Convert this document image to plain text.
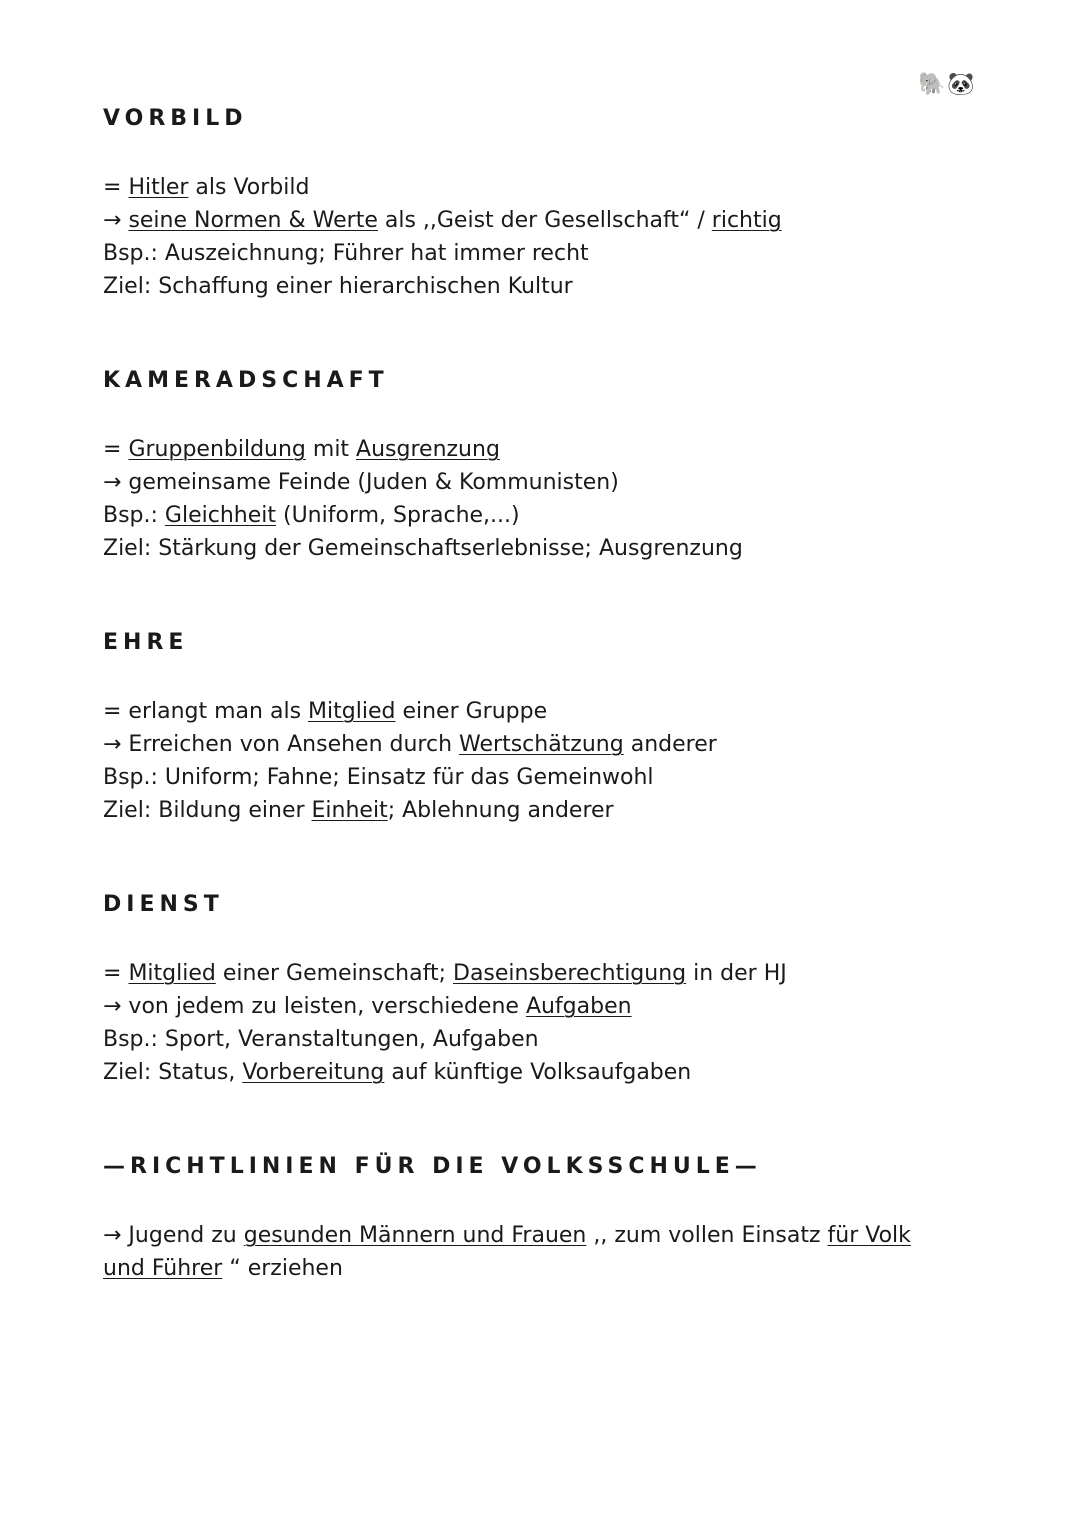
🐘 🐼
VORBILD
= Hitler als Vorbild
→ seine Normen & Werte als ,,Geist der Gesellschaft“ / richtig
Bsp.: Auszeichnung; Führer hat immer recht
Ziel: Schaffung einer hierarchischen Kultur
KAMERADSCHAFT
= Gruppenbildung mit Ausgrenzung
→ gemeinsame Feinde (Juden & Kommunisten)
Bsp.: Gleichheit (Uniform, Sprache,...)
Ziel: Stärkung der Gemeinschaftserlebnisse; Ausgrenzung
EHRE
= erlangt man als Mitglied einer Gruppe
→ Erreichen von Ansehen durch Wertschätzung anderer
Bsp.: Uniform; Fahne; Einsatz für das Gemeinwohl
Ziel: Bildung einer Einheit; Ablehnung anderer
DIENST
= Mitglied einer Gemeinschaft; Daseinsberechtigung in der HJ
→ von jedem zu leisten, verschiedene Aufgaben
Bsp.: Sport, Veranstaltungen, Aufgaben
Ziel: Status, Vorbereitung auf künftige Volksaufgaben
—RICHTLINIEN FÜR DIE VOLKSSCHULE—
→ Jugend zu gesunden Männern und Frauen ,, zum vollen Einsatz für Volk und Führer “ erziehen
